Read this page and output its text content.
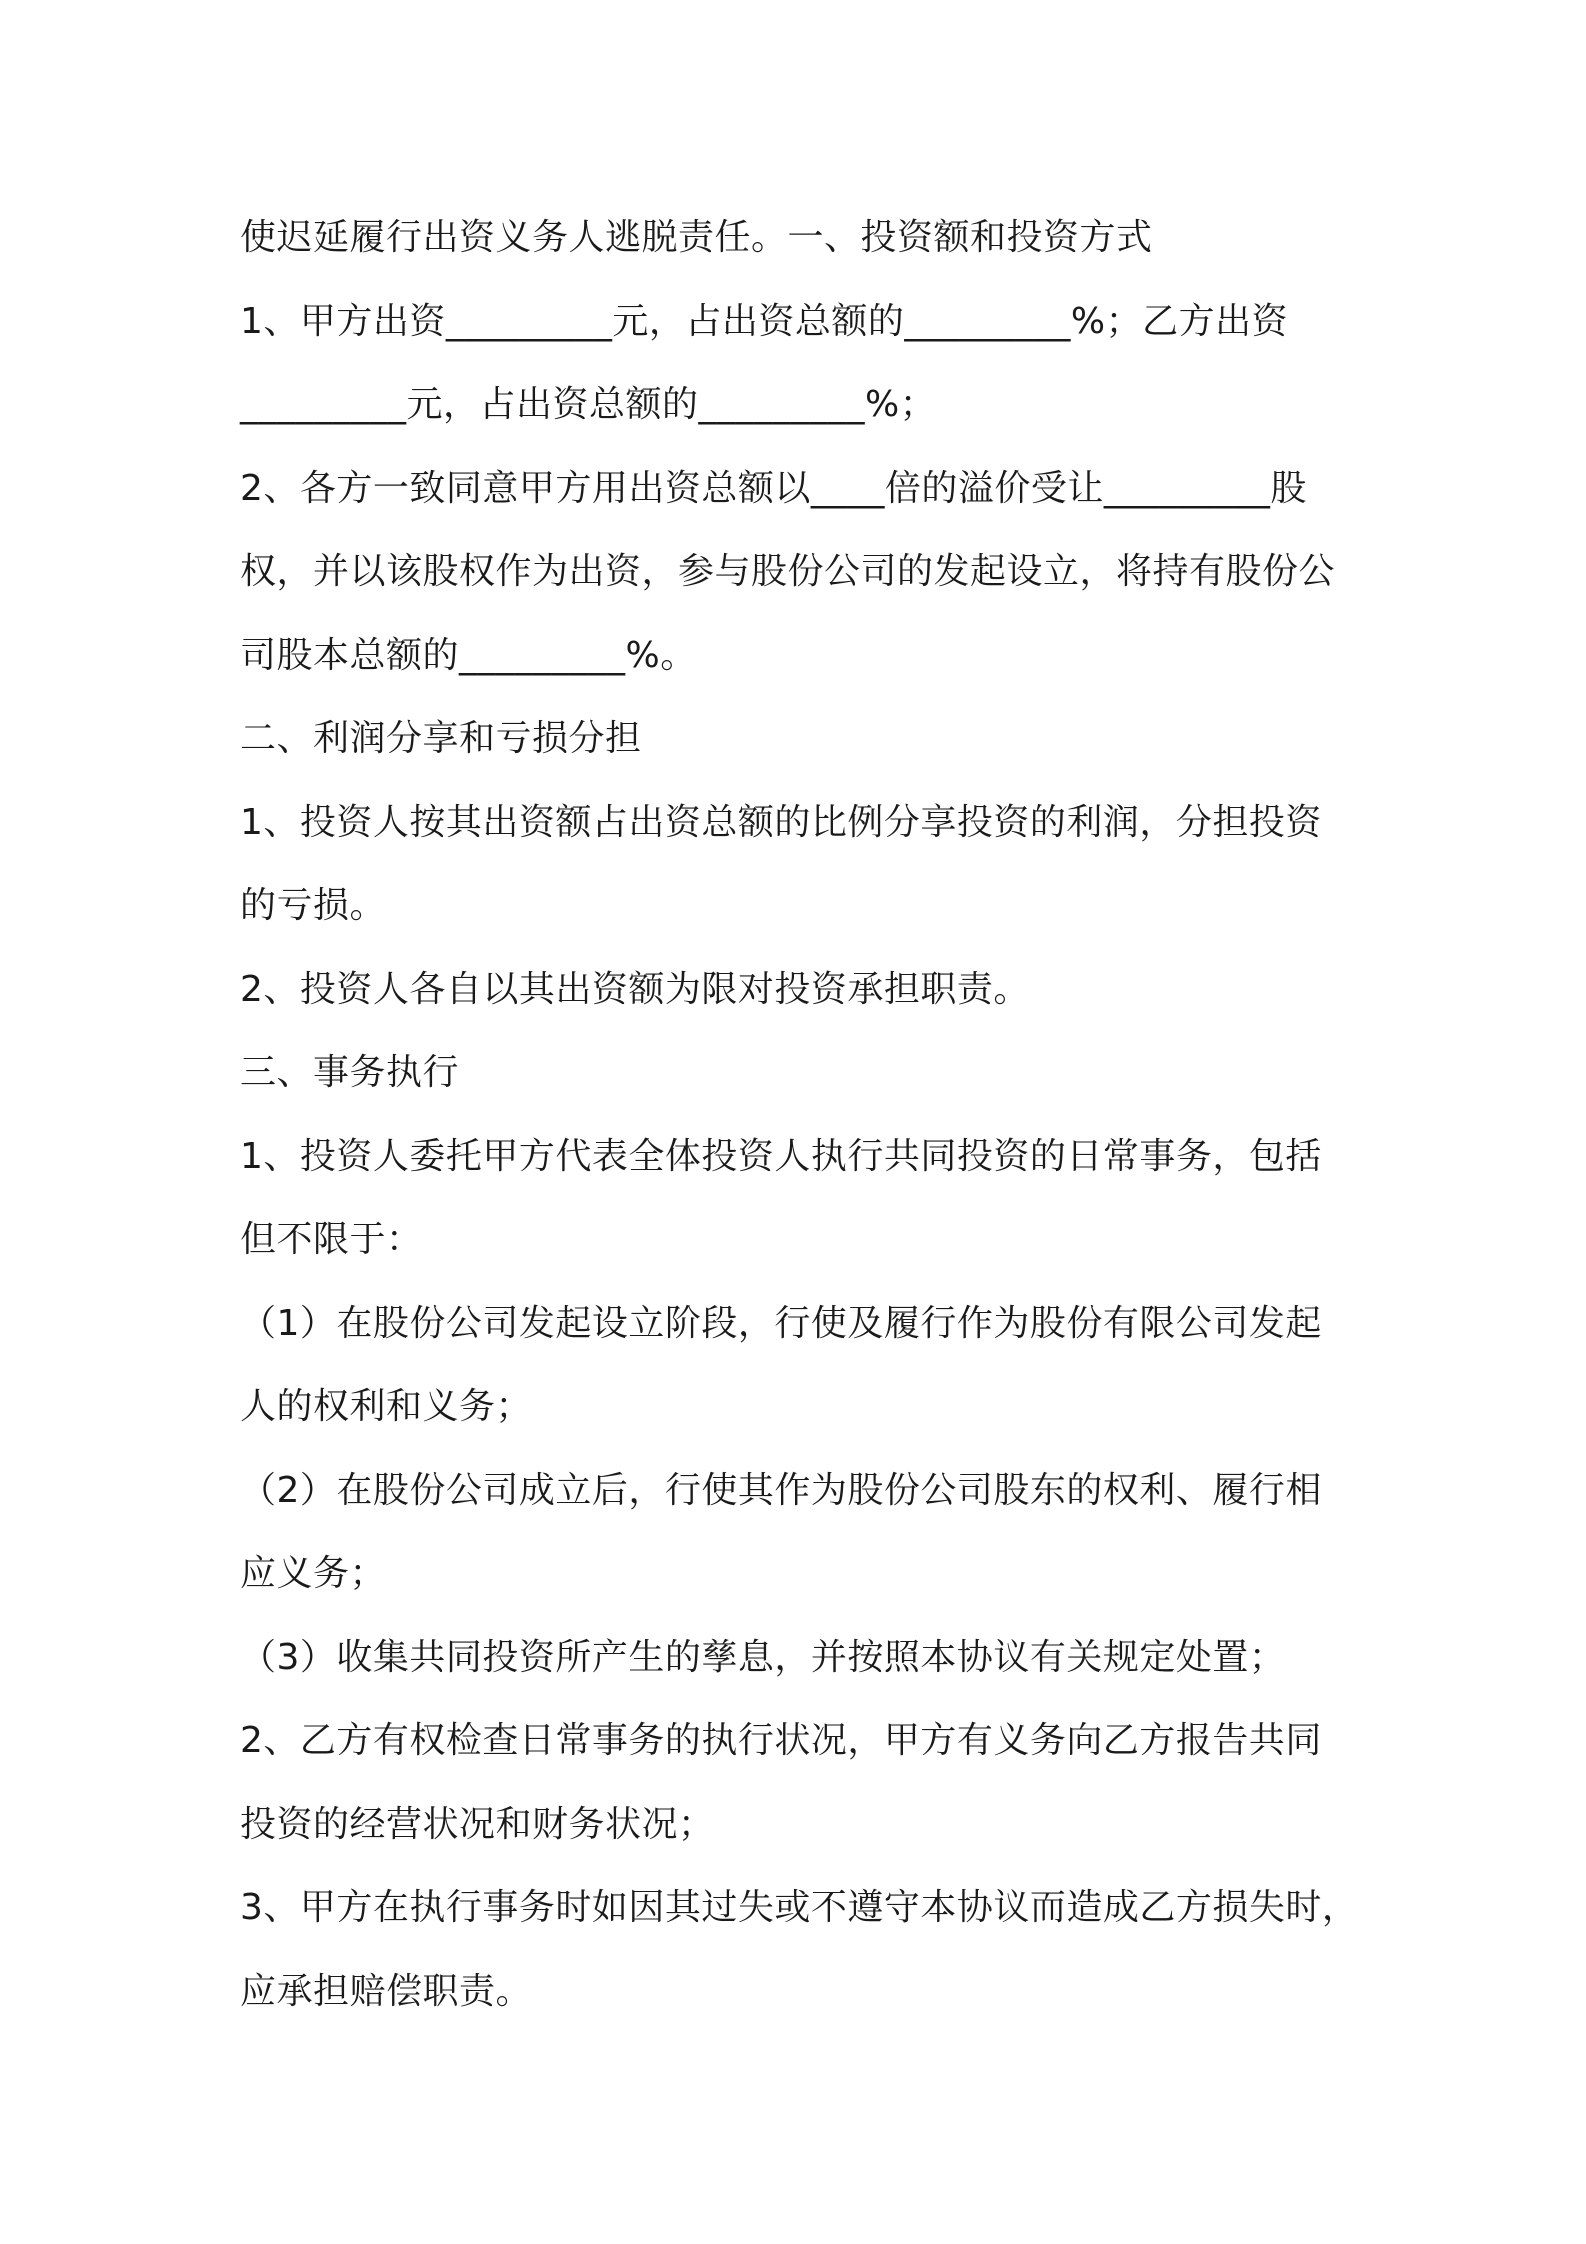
使迟延履行出资义务人逃脱责任。一、投资额和投资方式
1、甲方出资_________元，占出资总额的_________%；乙方出资
_________元，占出资总额的_________%；
2、各方一致同意甲方用出资总额以____倍的溢价受让_________股
权，并以该股权作为出资，参与股份公司的发起设立，将持有股份公
司股本总额的_________%。
二、利润分享和亏损分担
1、投资人按其出资额占出资总额的比例分享投资的利润，分担投资
的亏损。
2、投资人各自以其出资额为限对投资承担职责。
三、事务执行
1、投资人委托甲方代表全体投资人执行共同投资的日常事务，包括
但不限于：
（1）在股份公司发起设立阶段，行使及履行作为股份有限公司发起
人的权利和义务；
（2）在股份公司成立后，行使其作为股份公司股东的权利、履行相
应义务；
（3）收集共同投资所产生的孳息，并按照本协议有关规定处置；
2、乙方有权检查日常事务的执行状况，甲方有义务向乙方报告共同
投资的经营状况和财务状况；
3、甲方在执行事务时如因其过失或不遵守本协议而造成乙方损失时，
应承担赔偿职责。
